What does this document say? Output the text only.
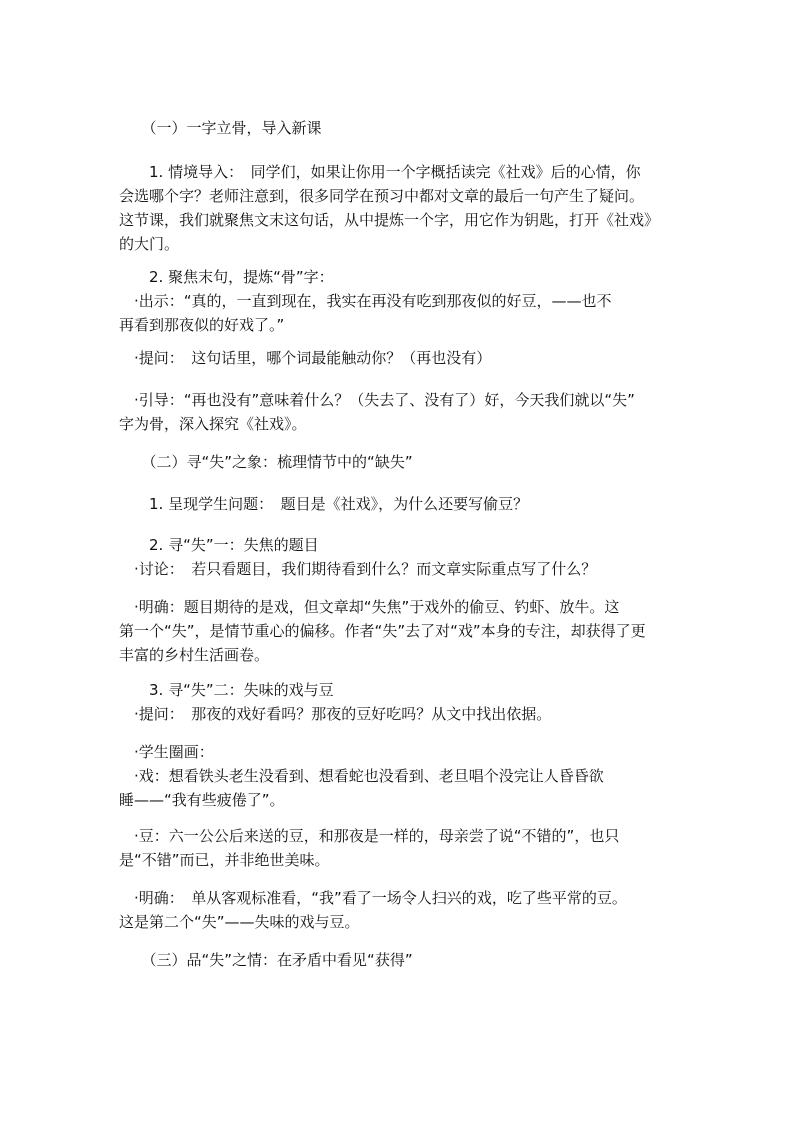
　　（一）一字立骨，导入新课

　　1. 情境导入：　同学们，如果让你用一个字概括读完《社戏》后的心情，你
会选哪个字？老师注意到，很多同学在预习中都对文章的最后一句产生了疑问。
这节课，我们就聚焦文末这句话，从中提炼一个字，用它作为钥匙，打开《社戏》
的大门。

　　2. 聚焦末句，提炼“骨”字：
　·出示：“真的，一直到现在，我实在再没有吃到那夜似的好豆，——也不
再看到那夜似的好戏了。”

　·提问：　这句话里，哪个词最能触动你？（再也没有）

　·引导：“再也没有”意味着什么？（失去了、没有了）好，今天我们就以“失”
字为骨，深入探究《社戏》。

　　（二）寻“失”之象：梳理情节中的“缺失”

　　1. 呈现学生问题：　题目是《社戏》，为什么还要写偷豆？

　　2. 寻“失”一：失焦的题目
　·讨论：　若只看题目，我们期待看到什么？而文章实际重点写了什么？

　·明确：题目期待的是戏，但文章却“失焦”于戏外的偷豆、钓虾、放牛。这
第一个“失”，是情节重心的偏移。作者“失”去了对“戏”本身的专注，却获得了更
丰富的乡村生活画卷。

　　3. 寻“失”二：失味的戏与豆
　·提问：　那夜的戏好看吗？那夜的豆好吃吗？从文中找出依据。

　·学生圈画：
　·戏：想看铁头老生没看到、想看蛇也没看到、老旦唱个没完让人昏昏欲
睡——“我有些疲倦了”。

　·豆：六一公公后来送的豆，和那夜是一样的，母亲尝了说“不错的”，也只
是“不错”而已，并非绝世美味。

　·明确：　单从客观标准看，“我”看了一场令人扫兴的戏，吃了些平常的豆。
这是第二个“失”——失味的戏与豆。

　　（三）品“失”之情：在矛盾中看见“获得”
